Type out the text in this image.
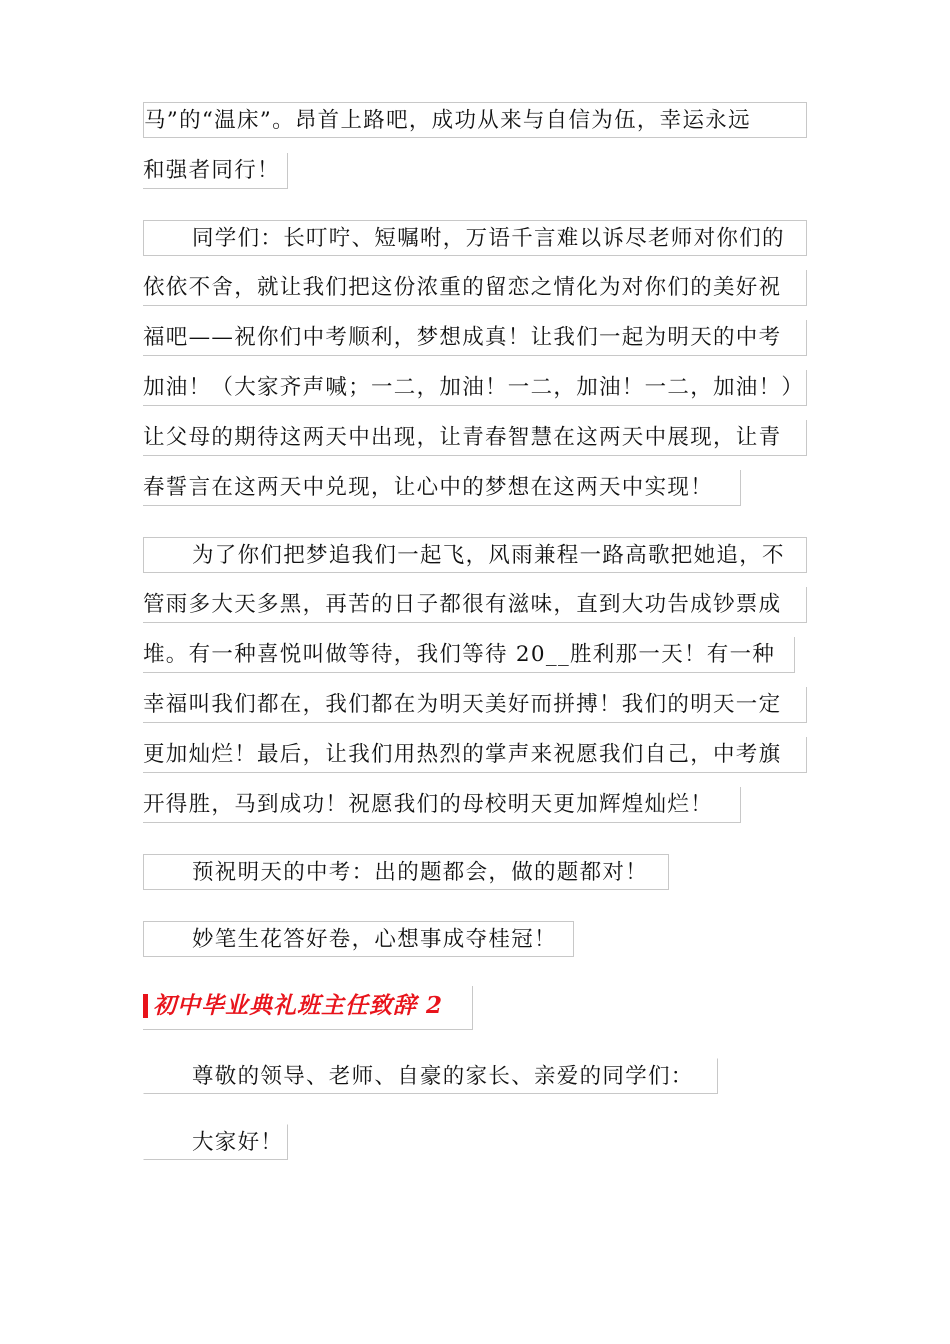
马”的“温床”。昂首上路吧，成功从来与自信为伍，幸运永远
和强者同行！
同学们：长叮咛、短嘱咐，万语千言难以诉尽老师对你们的
依依不舍，就让我们把这份浓重的留恋之情化为对你们的美好祝
福吧——祝你们中考顺利，梦想成真！让我们一起为明天的中考
加油！（大家齐声喊；一二，加油！一二，加油！一二，加油！）
让父母的期待这两天中出现，让青春智慧在这两天中展现，让青
春誓言在这两天中兑现，让心中的梦想在这两天中实现！
为了你们把梦追我们一起飞，风雨兼程一路高歌把她追，不
管雨多大天多黑，再苦的日子都很有滋味，直到大功告成钞票成
堆。有一种喜悦叫做等待，我们等待 20__胜利那一天！有一种
幸福叫我们都在，我们都在为明天美好而拼搏！我们的明天一定
更加灿烂！最后，让我们用热烈的掌声来祝愿我们自己，中考旗
开得胜，马到成功！祝愿我们的母校明天更加辉煌灿烂！
预祝明天的中考：出的题都会，做的题都对！
妙笔生花答好卷，心想事成夺桂冠！
初中毕业典礼班主任致辞 2
尊敬的领导、老师、自豪的家长、亲爱的同学们：
大家好！
